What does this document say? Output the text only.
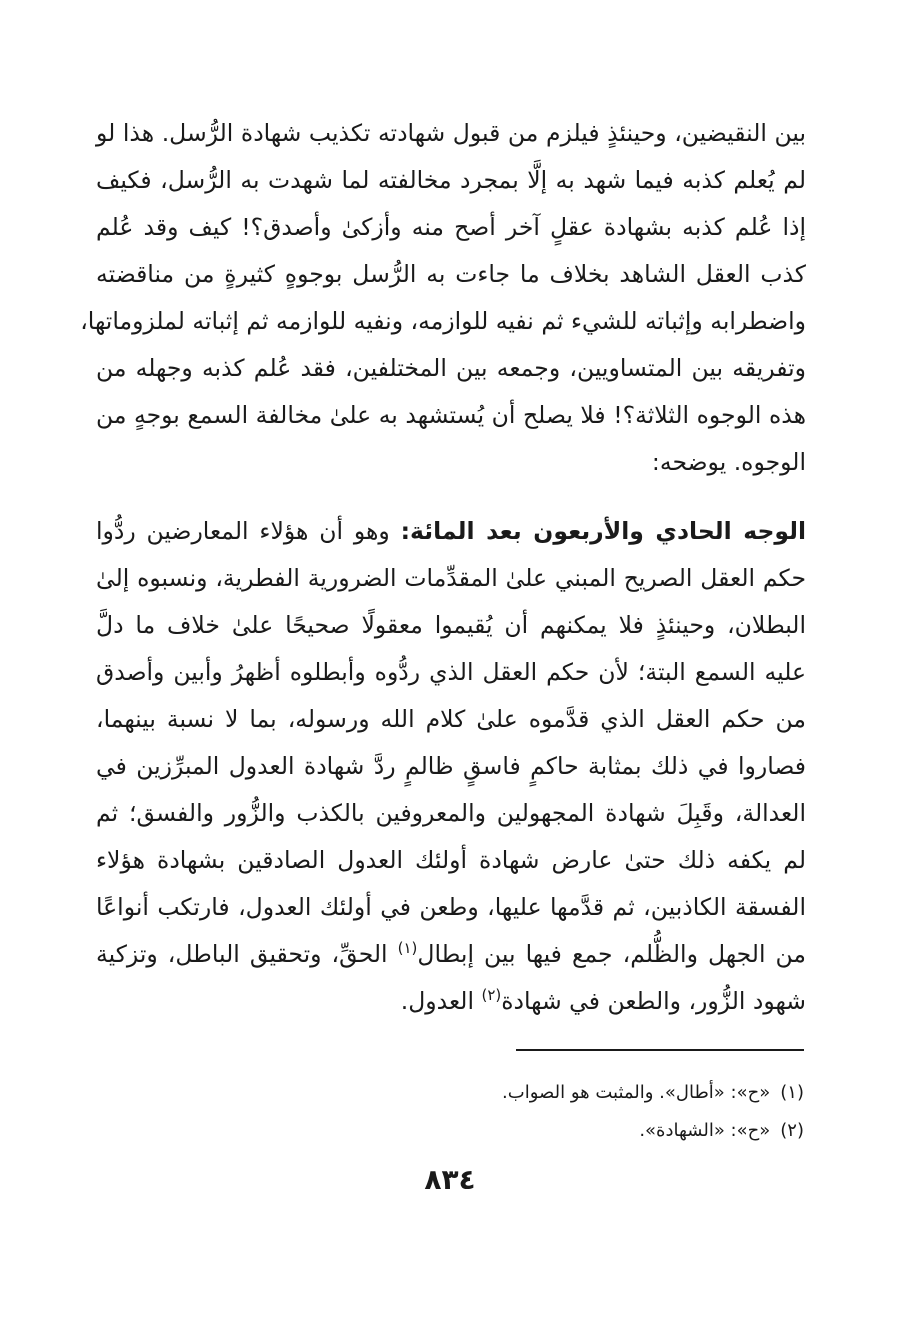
بين النقيضين، وحينئذٍ فيلزم من قبول شهادته تكذيب شهادة الرُّسل. هذا لو
لم يُعلم كذبه فيما شهد به إلَّا بمجرد مخالفته لما شهدت به الرُّسل، فكيف
إذا عُلم كذبه بشهادة عقلٍ آخر أصح منه وأزكىٰ وأصدق؟! كيف وقد عُلم
كذب العقل الشاهد بخلاف ما جاءت به الرُّسل بوجوهٍ كثيرةٍ من مناقضته
واضطرابه وإثباته للشيء ثم نفيه للوازمه، ونفيه للوازمه ثم إثباته لملزوماتها،
وتفريقه بين المتساويين، وجمعه بين المختلفين، فقد عُلم كذبه وجهله من
هذه الوجوه الثلاثة؟! فلا يصلح أن يُستشهد به علىٰ مخالفة السمع بوجهٍ من
الوجوه. يوضحه:
الوجه الحادي والأربعون بعد المائة: وهو أن هؤلاء المعارضين ردُّوا
حكم العقل الصريح المبني علىٰ المقدِّمات الضرورية الفطرية، ونسبوه إلىٰ
البطلان، وحينئذٍ فلا يمكنهم أن يُقيموا معقولًا صحيحًا علىٰ خلاف ما دلَّ
عليه السمع البتة؛ لأن حكم العقل الذي ردُّوه وأبطلوه أظهرُ وأبين وأصدق
من حكم العقل الذي قدَّموه علىٰ كلام الله ورسوله، بما لا نسبة بينهما،
فصاروا في ذلك بمثابة حاكمٍ فاسقٍ ظالمٍ ردَّ شهادة العدول المبرِّزين في
العدالة، وقَبِلَ شهادة المجهولين والمعروفين بالكذب والزُّور والفسق؛ ثم
لم يكفه ذلك حتىٰ عارض شهادة أولئك العدول الصادقين بشهادة هؤلاء
الفسقة الكاذبين، ثم قدَّمها عليها، وطعن في أولئك العدول، فارتكب أنواعًا
من الجهل والظُّلم، جمع فيها بين إبطال$^{(١)}$ الحقِّ، وتحقيق الباطل، وتزكية
شهود الزُّور، والطعن في شهادة$^{(٢)}$ العدول.
(١)«ح»: «أطال». والمثبت هو الصواب.
(٢)«ح»: «الشهادة».
٨٣٤
